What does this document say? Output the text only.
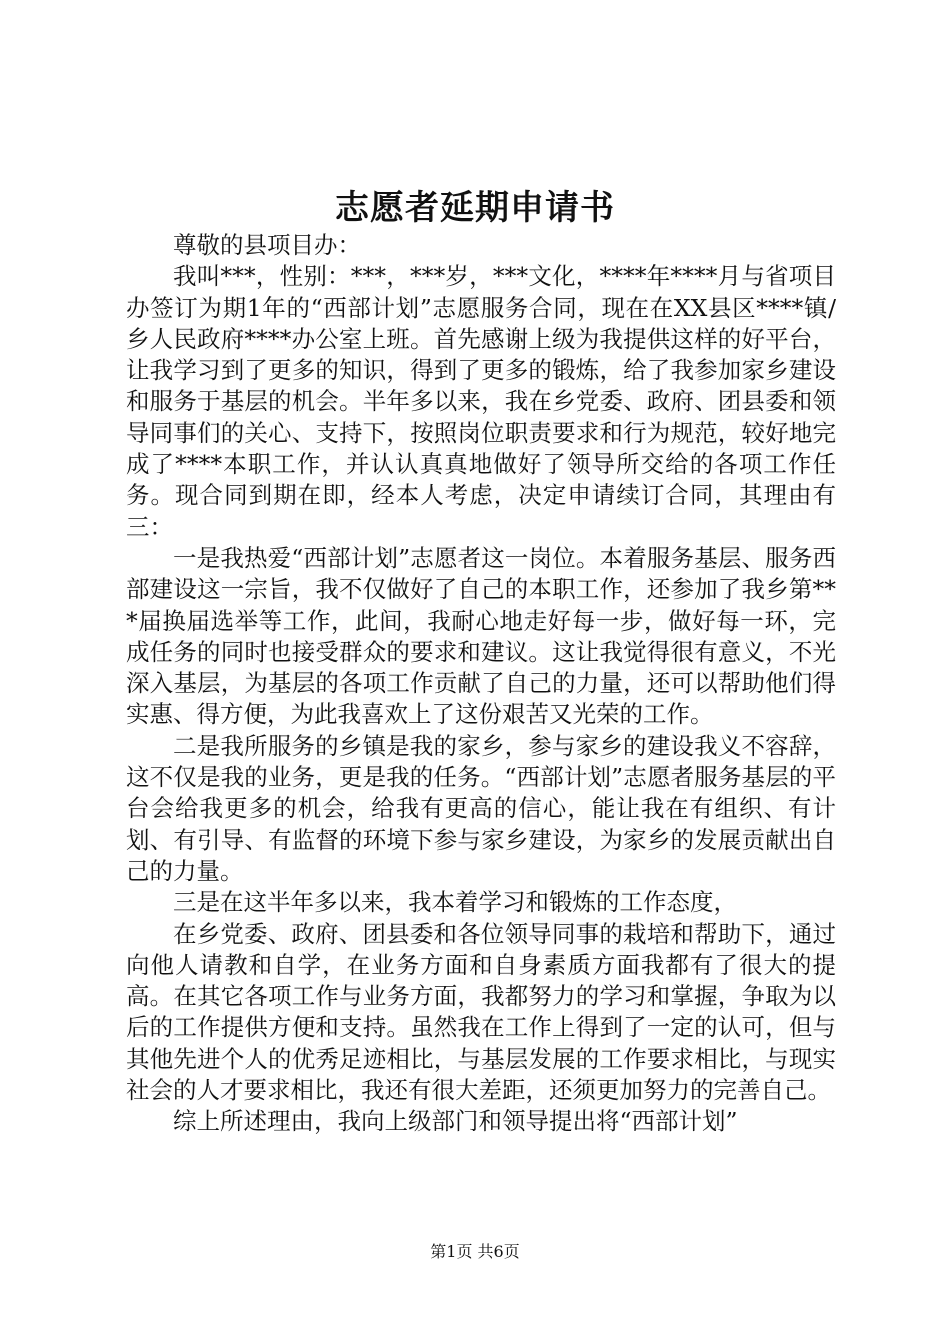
志愿者延期申请书

尊敬的县项目办：

我叫***，性别：***，***岁，***文化，****年****月与省项目办签订为期1年的“西部计划”志愿服务合同，现在在XX县区****镇/乡人民政府****办公室上班。首先感谢上级为我提供这样的好平台，让我学习到了更多的知识，得到了更多的锻炼，给了我参加家乡建设和服务于基层的机会。半年多以来，我在乡党委、政府、团县委和领导同事们的关心、支持下，按照岗位职责要求和行为规范，较好地完成了****本职工作，并认认真真地做好了领导所交给的各项工作任务。现合同到期在即，经本人考虑，决定申请续订合同，其理由有三：

一是我热爱“西部计划”志愿者这一岗位。本着服务基层、服务西部建设这一宗旨，我不仅做好了自己的本职工作，还参加了我乡第***届换届选举等工作，此间，我耐心地走好每一步，做好每一环，完成任务的同时也接受群众的要求和建议。这让我觉得很有意义，不光深入基层，为基层的各项工作贡献了自己的力量，还可以帮助他们得实惠、得方便，为此我喜欢上了这份艰苦又光荣的工作。

二是我所服务的乡镇是我的家乡，参与家乡的建设我义不容辞，这不仅是我的业务，更是我的任务。“西部计划”志愿者服务基层的平台会给我更多的机会，给我有更高的信心，能让我在有组织、有计划、有引导、有监督的环境下参与家乡建设，为家乡的发展贡献出自己的力量。

三是在这半年多以来，我本着学习和锻炼的工作态度，

在乡党委、政府、团县委和各位领导同事的栽培和帮助下，通过向他人请教和自学，在业务方面和自身素质方面我都有了很大的提高。在其它各项工作与业务方面，我都努力的学习和掌握，争取为以后的工作提供方便和支持。虽然我在工作上得到了一定的认可，但与其他先进个人的优秀足迹相比，与基层发展的工作要求相比，与现实社会的人才要求相比，我还有很大差距，还须更加努力的完善自己。

综上所述理由，我向上级部门和领导提出将“西部计划”

第1页 共6页
